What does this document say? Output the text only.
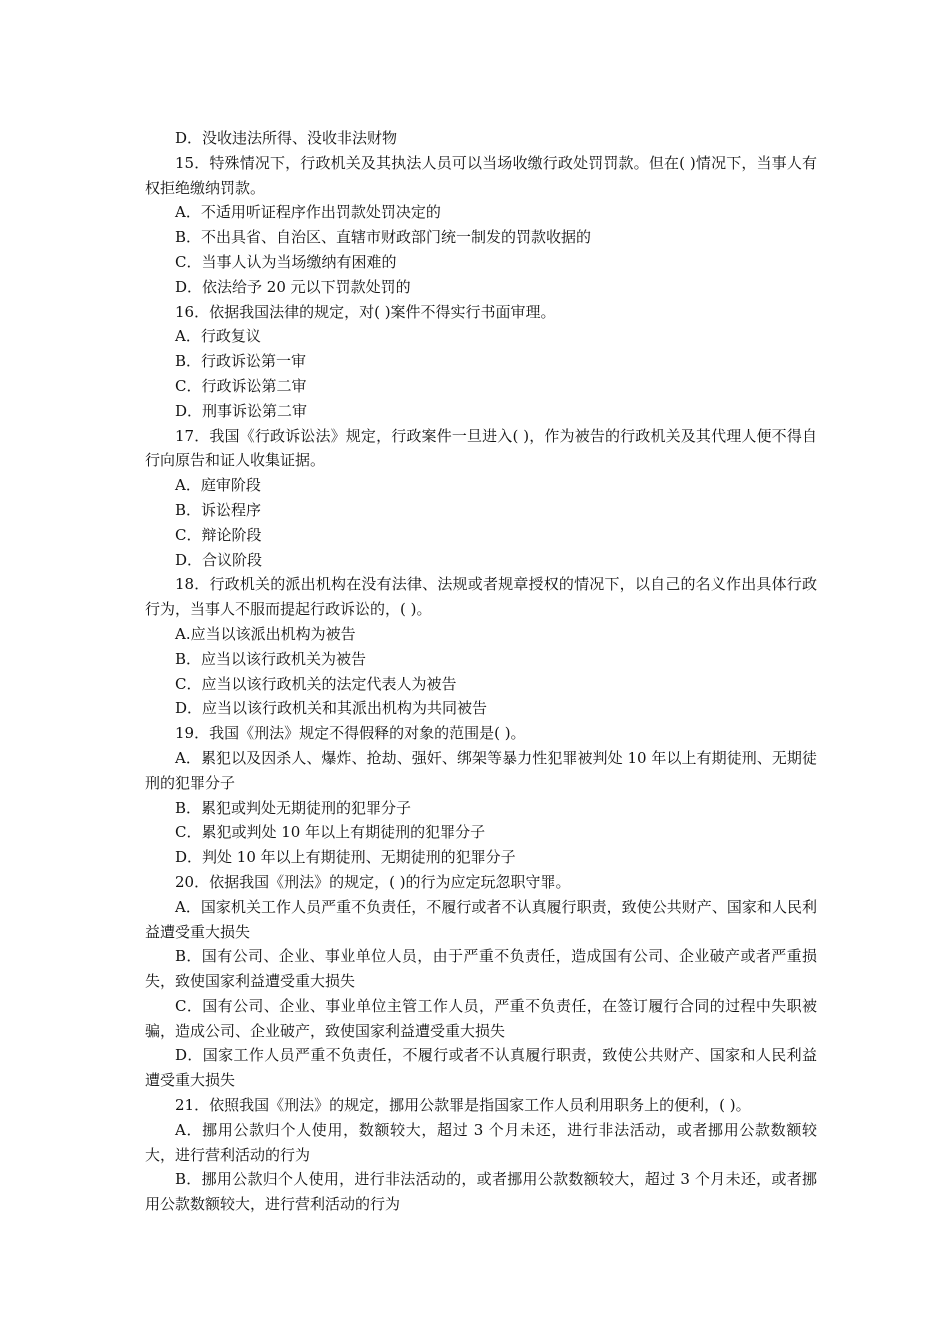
D．没收违法所得、没收非法财物

15．特殊情况下，行政机关及其执法人员可以当场收缴行政处罚罚款。但在( )情况下，当事人有权拒绝缴纳罚款。

A．不适用听证程序作出罚款处罚决定的

B．不出具省、自治区、直辖市财政部门统一制发的罚款收据的

C．当事人认为当场缴纳有困难的

D．依法给予 20 元以下罚款处罚的

16．依据我国法律的规定，对( )案件不得实行书面审理。

A．行政复议

B．行政诉讼第一审

C．行政诉讼第二审

D．刑事诉讼第二审

17．我国《行政诉讼法》规定，行政案件一旦进入( )，作为被告的行政机关及其代理人便不得自行向原告和证人收集证据。

A．庭审阶段

B．诉讼程序

C．辩论阶段

D．合议阶段

18．行政机关的派出机构在没有法律、法规或者规章授权的情况下，以自己的名义作出具体行政行为，当事人不服而提起行政诉讼的，( )。

A.应当以该派出机构为被告

B．应当以该行政机关为被告

C．应当以该行政机关的法定代表人为被告

D．应当以该行政机关和其派出机构为共同被告

19．我国《刑法》规定不得假释的对象的范围是( )。

A．累犯以及因杀人、爆炸、抢劫、强奸、绑架等暴力性犯罪被判处 10 年以上有期徒刑、无期徒刑的犯罪分子

B．累犯或判处无期徒刑的犯罪分子

C．累犯或判处 10 年以上有期徒刑的犯罪分子

D．判处 10 年以上有期徒刑、无期徒刑的犯罪分子

20．依据我国《刑法》的规定，( )的行为应定玩忽职守罪。

A．国家机关工作人员严重不负责任，不履行或者不认真履行职责，致使公共财产、国家和人民利益遭受重大损失

B．国有公司、企业、事业单位人员，由于严重不负责任，造成国有公司、企业破产或者严重损失，致使国家利益遭受重大损失

C．国有公司、企业、事业单位主管工作人员，严重不负责任，在签订履行合同的过程中失职被骗，造成公司、企业破产，致使国家利益遭受重大损失

D．国家工作人员严重不负责任，不履行或者不认真履行职责，致使公共财产、国家和人民利益遭受重大损失

21．依照我国《刑法》的规定，挪用公款罪是指国家工作人员利用职务上的便利，( )。

A．挪用公款归个人使用，数额较大，超过 3 个月未还，进行非法活动，或者挪用公款数额较大，进行营利活动的行为

B．挪用公款归个人使用，进行非法活动的，或者挪用公款数额较大，超过 3 个月未还，或者挪用公款数额较大，进行营利活动的行为
